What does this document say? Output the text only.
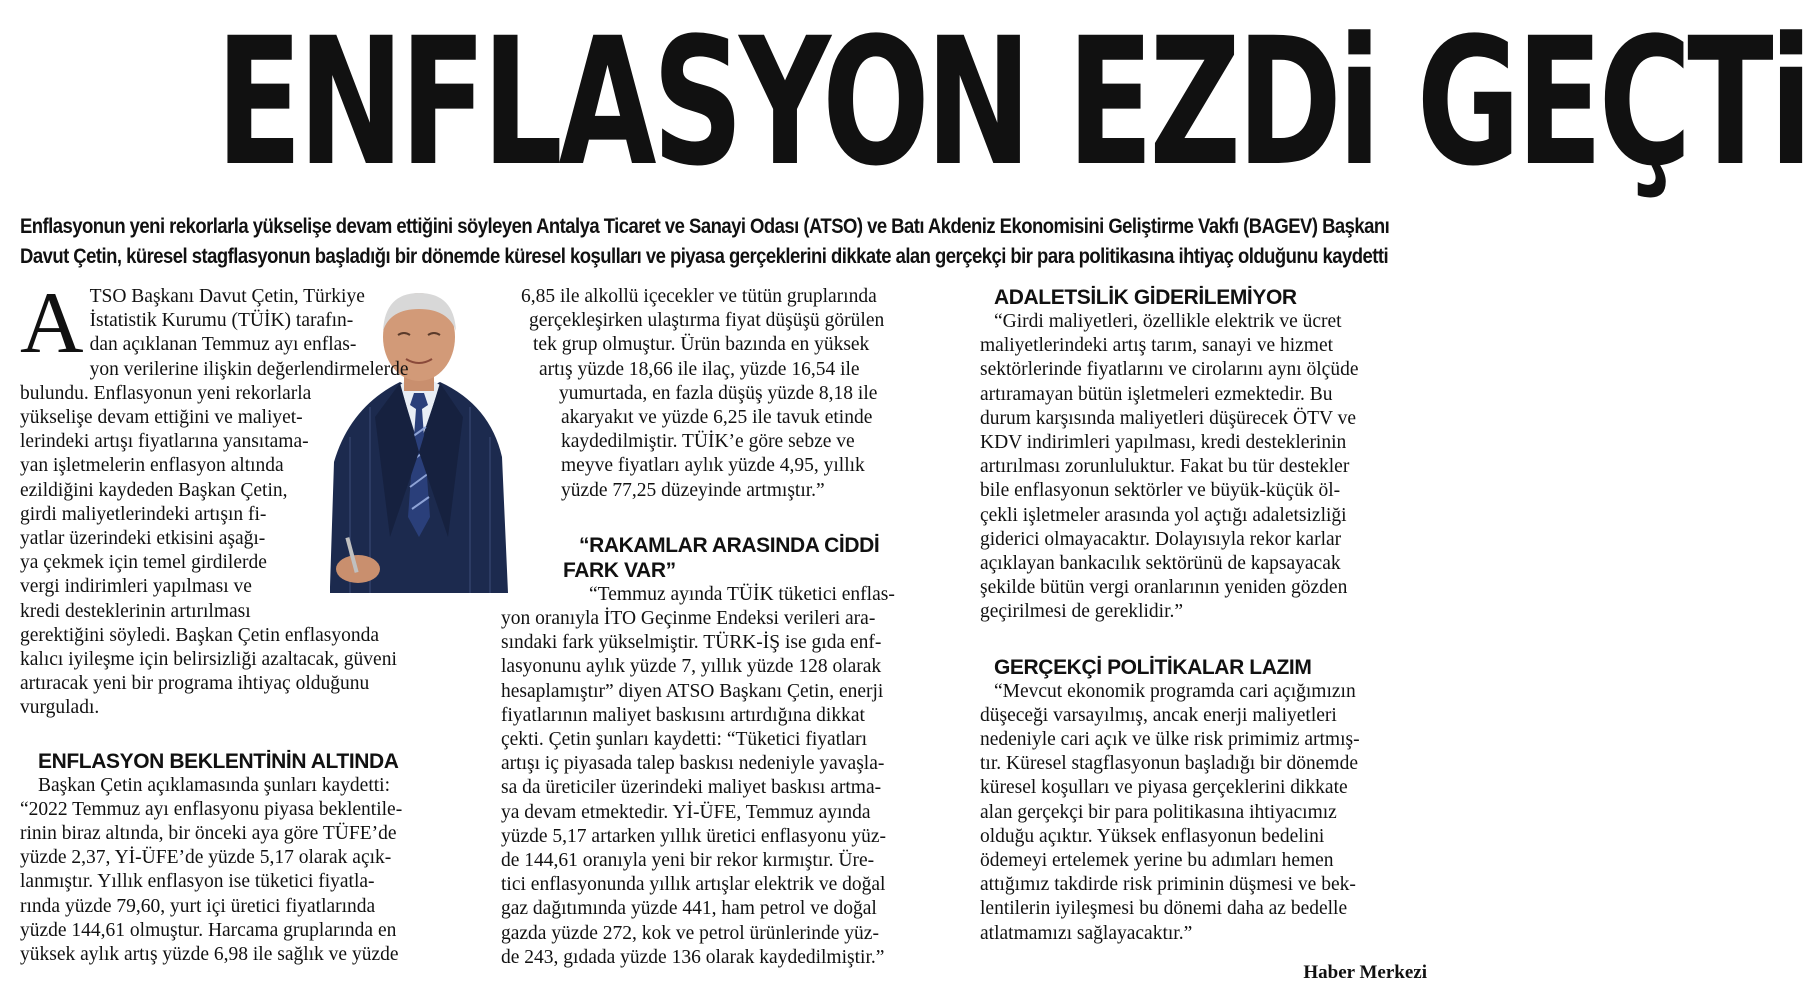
ENFLASYON EZDi GEÇTi
Enflasyonun yeni rekorlarla yükselişe devam ettiğini söyleyen Antalya Ticaret ve Sanayi Odası (ATSO) ve Batı Akdeniz Ekonomisini Geliştirme Vakfı (BAGEV) Başkanı
Davut Çetin, küresel stagflasyonun başladığı bir dönemde küresel koşulları ve piyasa gerçeklerini dikkate alan gerçekçi bir para politikasına ihtiyaç olduğunu kaydetti
A TSO Başkanı Davut Çetin, Türkiye
İstatistik Kurumu (TÜİK) tarafın-
dan açıklanan Temmuz ayı enflas-
yon verilerine ilişkin değerlendirmelerde
bulundu. Enflasyonun yeni rekorlarla
yükselişe devam ettiğini ve maliyet-
lerindeki artışı fiyatlarına yansıtama-
yan işletmelerin enflasyon altında
ezildiğini kaydeden Başkan Çetin,
girdi maliyetlerindeki artışın fi-
yatlar üzerindeki etkisini aşağı-
ya çekmek için temel girdilerde
vergi indirimleri yapılması ve
kredi desteklerinin artırılması
gerektiğini söyledi. Başkan Çetin enflasyonda
kalıcı iyileşme için belirsizliği azaltacak, güveni
artıracak yeni bir programa ihtiyaç olduğunu
vurguladı.

ENFLASYON BEKLENTİNİN ALTINDA

Başkan Çetin açıklamasında şunları kaydetti:
“2022 Temmuz ayı enflasyonu piyasa beklentile-
rinin biraz altında, bir önceki aya göre TÜFE’de
yüzde 2,37, Yİ-ÜFE’de yüzde 5,17 olarak açık-
lanmıştır. Yıllık enflasyon ise tüketici fiyatla-
rında yüzde 79,60, yurt içi üretici fiyatlarında
yüzde 144,61 olmuştur. Harcama gruplarında en
yüksek aylık artış yüzde 6,98 ile sağlık ve yüzde
6,85 ile alkollü içecekler ve tütün gruplarında
gerçekleşirken ulaştırma fiyat düşüşü görülen
tek grup olmuştur. Ürün bazında en yüksek
artış yüzde 18,66 ile ilaç, yüzde 16,54 ile
yumurtada, en fazla düşüş yüzde 8,18 ile
akaryakıt ve yüzde 6,25 ile tavuk etinde
kaydedilmiştir. TÜİK’e göre sebze ve
meyve fiyatları aylık yüzde 4,95, yıllık
yüzde 77,25 düzeyinde artmıştır.”

“RAKAMLAR ARASINDA CİDDİ

FARK VAR”

“Temmuz ayında TÜİK tüketici enflas-
yon oranıyla İTO Geçinme Endeksi verileri ara-
sındaki fark yükselmiştir. TÜRK-İŞ ise gıda enf-
lasyonunu aylık yüzde 7, yıllık yüzde 128 olarak
hesaplamıştır” diyen ATSO Başkanı Çetin, enerji
fiyatlarının maliyet baskısını artırdığına dikkat
çekti. Çetin şunları kaydetti: “Tüketici fiyatları
artışı iç piyasada talep baskısı nedeniyle yavaşla-
sa da üreticiler üzerindeki maliyet baskısı artma-
ya devam etmektedir. Yİ-ÜFE, Temmuz ayında
yüzde 5,17 artarken yıllık üretici enflasyonu yüz-
de 144,61 oranıyla yeni bir rekor kırmıştır. Üre-
tici enflasyonunda yıllık artışlar elektrik ve doğal
gaz dağıtımında yüzde 441, ham petrol ve doğal
gazda yüzde 272, kok ve petrol ürünlerinde yüz-
de 243, gıdada yüzde 136 olarak kaydedilmiştir.”

ADALETSİLİK GİDERİLEMİYOR

“Girdi maliyetleri, özellikle elektrik ve ücret
maliyetlerindeki artış tarım, sanayi ve hizmet
sektörlerinde fiyatlarını ve cirolarını aynı ölçüde
artıramayan bütün işletmeleri ezmektedir. Bu
durum karşısında maliyetleri düşürecek ÖTV ve
KDV indirimleri yapılması, kredi desteklerinin
artırılması zorunluluktur. Fakat bu tür destekler
bile enflasyonun sektörler ve büyük-küçük öl-
çekli işletmeler arasında yol açtığı adaletsizliği
giderici olmayacaktır. Dolayısıyla rekor karlar
açıklayan bankacılık sektörünü de kapsayacak
şekilde bütün vergi oranlarının yeniden gözden
geçirilmesi de gereklidir.”

GERÇEKÇİ POLİTİKALAR LAZIM

“Mevcut ekonomik programda cari açığımızın
düşeceği varsayılmış, ancak enerji maliyetleri
nedeniyle cari açık ve ülke risk primimiz artmış-
tır. Küresel stagflasyonun başladığı bir dönemde
küresel koşulları ve piyasa gerçeklerini dikkate
alan gerçekçi bir para politikasına ihtiyacımız
olduğu açıktır. Yüksek enflasyonun bedelini
ödemeyi ertelemek yerine bu adımları hemen
attığımız takdirde risk priminin düşmesi ve bek-
lentilerin iyileşmesi bu dönemi daha az bedelle
atlatmamızı sağlayacaktır.”
Haber Merkezi
